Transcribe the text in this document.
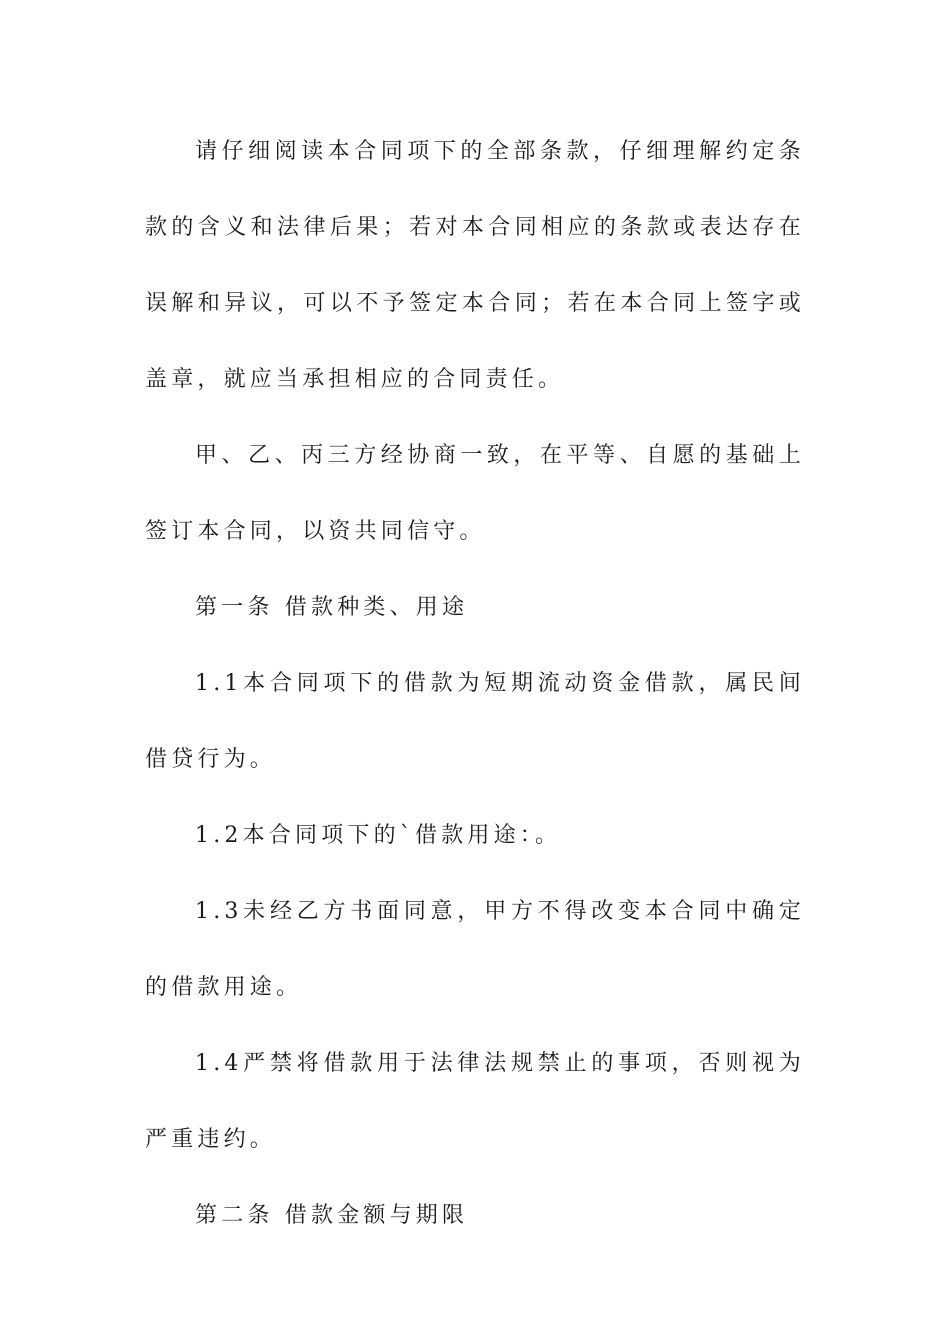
请仔细阅读本合同项下的全部条款，仔细理解约定条款的含义和法律后果；若对本合同相应的条款或表达存在误解和异议，可以不予签定本合同；若在本合同上签字或盖章，就应当承担相应的合同责任。

甲、乙、丙三方经协商一致，在平等、自愿的基础上签订本合同，以资共同信守。

第一条 借款种类、用途

1.1本合同项下的借款为短期流动资金借款，属民间借贷行为。

1.2本合同项下的`借款用途：。

1.3未经乙方书面同意，甲方不得改变本合同中确定的借款用途。

1.4严禁将借款用于法律法规禁止的事项，否则视为严重违约。

第二条 借款金额与期限
